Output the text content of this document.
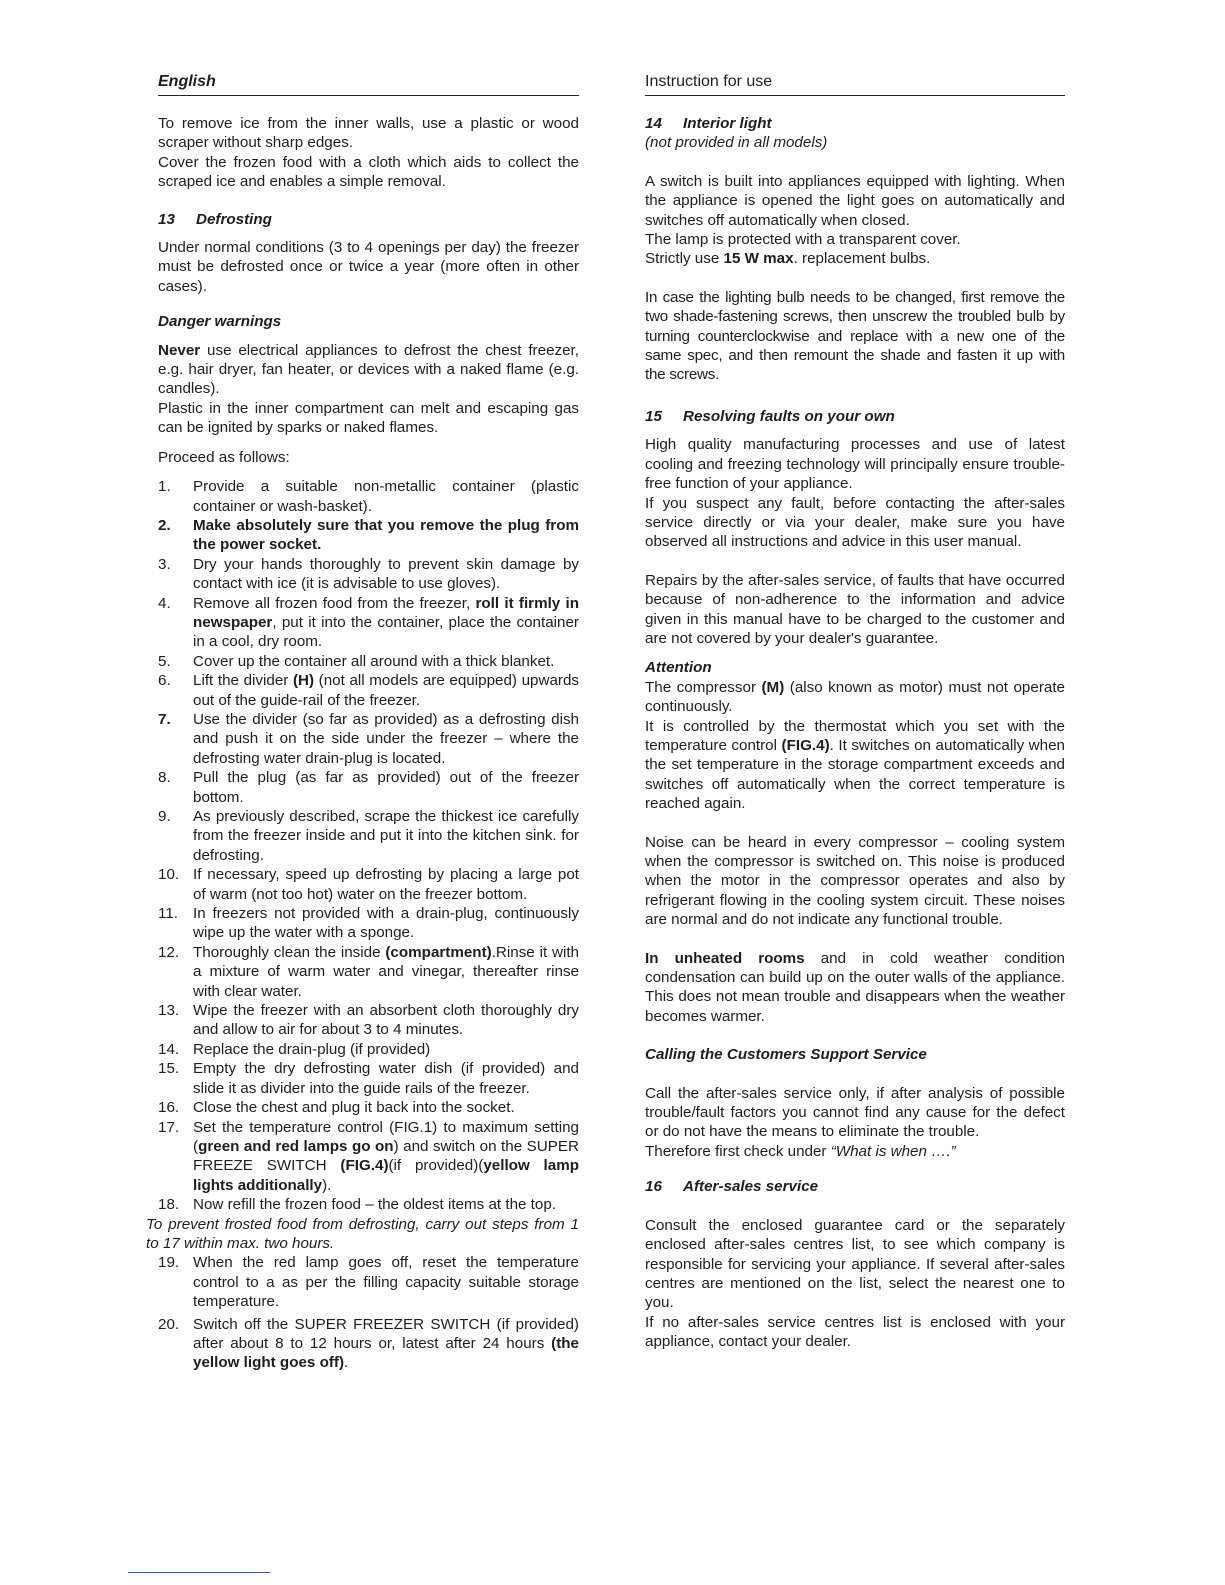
English

To remove ice from the inner walls, use a plastic or wood scraper without sharp edges.

Cover the frozen food with a cloth which aids to collect the scraped ice and enables a simple removal.

13 Defrosting

Under normal conditions (3 to 4 openings per day) the freezer must be defrosted once or twice a year (more often in other cases).

Danger warnings

Never use electrical appliances to defrost the chest freezer, e.g. hair dryer, fan heater, or devices with a naked flame (e.g. candles).

Plastic in the inner compartment can melt and escaping gas can be ignited by sparks or naked flames.

Proceed as follows:

1. Provide a suitable non-metallic container (plastic container or wash-basket).
2. Make absolutely sure that you remove the plug from the power socket.
3. Dry your hands thoroughly to prevent skin damage by contact with ice (it is advisable to use gloves).
4. Remove all frozen food from the freezer, roll it firmly in newspaper, put it into the container, place the container in a cool, dry room.
5. Cover up the container all around with a thick blanket.
6. Lift the divider (H) (not all models are equipped) upwards out of the guide-rail of the freezer.
7. Use the divider (so far as provided) as a defrosting dish and push it on the side under the freezer – where the defrosting water drain-plug is located.
8. Pull the plug (as far as provided) out of the freezer bottom.
9. As previously described, scrape the thickest ice carefully from the freezer inside and put it into the kitchen sink. for defrosting.
10. If necessary, speed up defrosting by placing a large pot of warm (not too hot) water on the freezer bottom.
11. In freezers not provided with a drain-plug, continuously wipe up the water with a sponge.
12. Thoroughly clean the inside (compartment).Rinse it with a mixture of warm water and vinegar, thereafter rinse with clear water.
13. Wipe the freezer with an absorbent cloth thoroughly dry and allow to air for about 3 to 4 minutes.
14. Replace the drain-plug (if provided)
15. Empty the dry defrosting water dish (if provided) and slide it as divider into the guide rails of the freezer.
16. Close the chest and plug it back into the socket.
17. Set the temperature control (FIG.1) to maximum setting (green and red lamps go on) and switch on the SUPER FREEZE SWITCH (FIG.4)(if provided)(yellow lamp lights additionally).
18. Now refill the frozen food – the oldest items at the top.

To prevent frosted food from defrosting, carry out steps from 1 to 17 within max. two hours.

19. When the red lamp goes off, reset the temperature control to a as per the filling capacity suitable storage temperature.
20. Switch off the SUPER FREEZER SWITCH (if provided) after about 8 to 12 hours or, latest after 24 hours (the yellow light goes off).
Instruction for use
14 Interior light

(not provided in all models)

A switch is built into appliances equipped with lighting. When the appliance is opened the light goes on automatically and switches off automatically when closed.

The lamp is protected with a transparent cover.

Strictly use 15 W max. replacement bulbs.

In case the lighting bulb needs to be changed, first remove the two shade-fastening screws, then unscrew the troubled bulb by turning counterclockwise and replace with a new one of the same spec, and then remount the shade and fasten it up with the screws.

15 Resolving faults on your own

High quality manufacturing processes and use of latest cooling and freezing technology will principally ensure trouble-free function of your appliance.

If you suspect any fault, before contacting the after-sales service directly or via your dealer, make sure you have observed all instructions and advice in this user manual.

Repairs by the after-sales service, of faults that have occurred because of non-adherence to the information and advice given in this manual have to be charged to the customer and are not covered by your dealer's guarantee.

Attention

The compressor (M) (also known as motor) must not operate continuously.

It is controlled by the thermostat which you set with the temperature control (FIG.4). It switches on automatically when the set temperature in the storage compartment exceeds and switches off automatically when the correct temperature is reached again.

Noise can be heard in every compressor – cooling system when the compressor is switched on. This noise is produced when the motor in the compressor operates and also by refrigerant flowing in the cooling system circuit. These noises are normal and do not indicate any functional trouble.

In unheated rooms and in cold weather condition condensation can build up on the outer walls of the appliance. This does not mean trouble and disappears when the weather becomes warmer.

Calling the Customers Support Service

Call the after-sales service only, if after analysis of possible trouble/fault factors you cannot find any cause for the defect or do not have the means to eliminate the trouble.

Therefore first check under “What is when ….”

16 After-sales service

Consult the enclosed guarantee card or the separately enclosed after-sales centres list, to see which company is responsible for servicing your appliance. If several after-sales centres are mentioned on the list, select the nearest one to you.

If no after-sales service centres list is enclosed with your appliance, contact your dealer.
